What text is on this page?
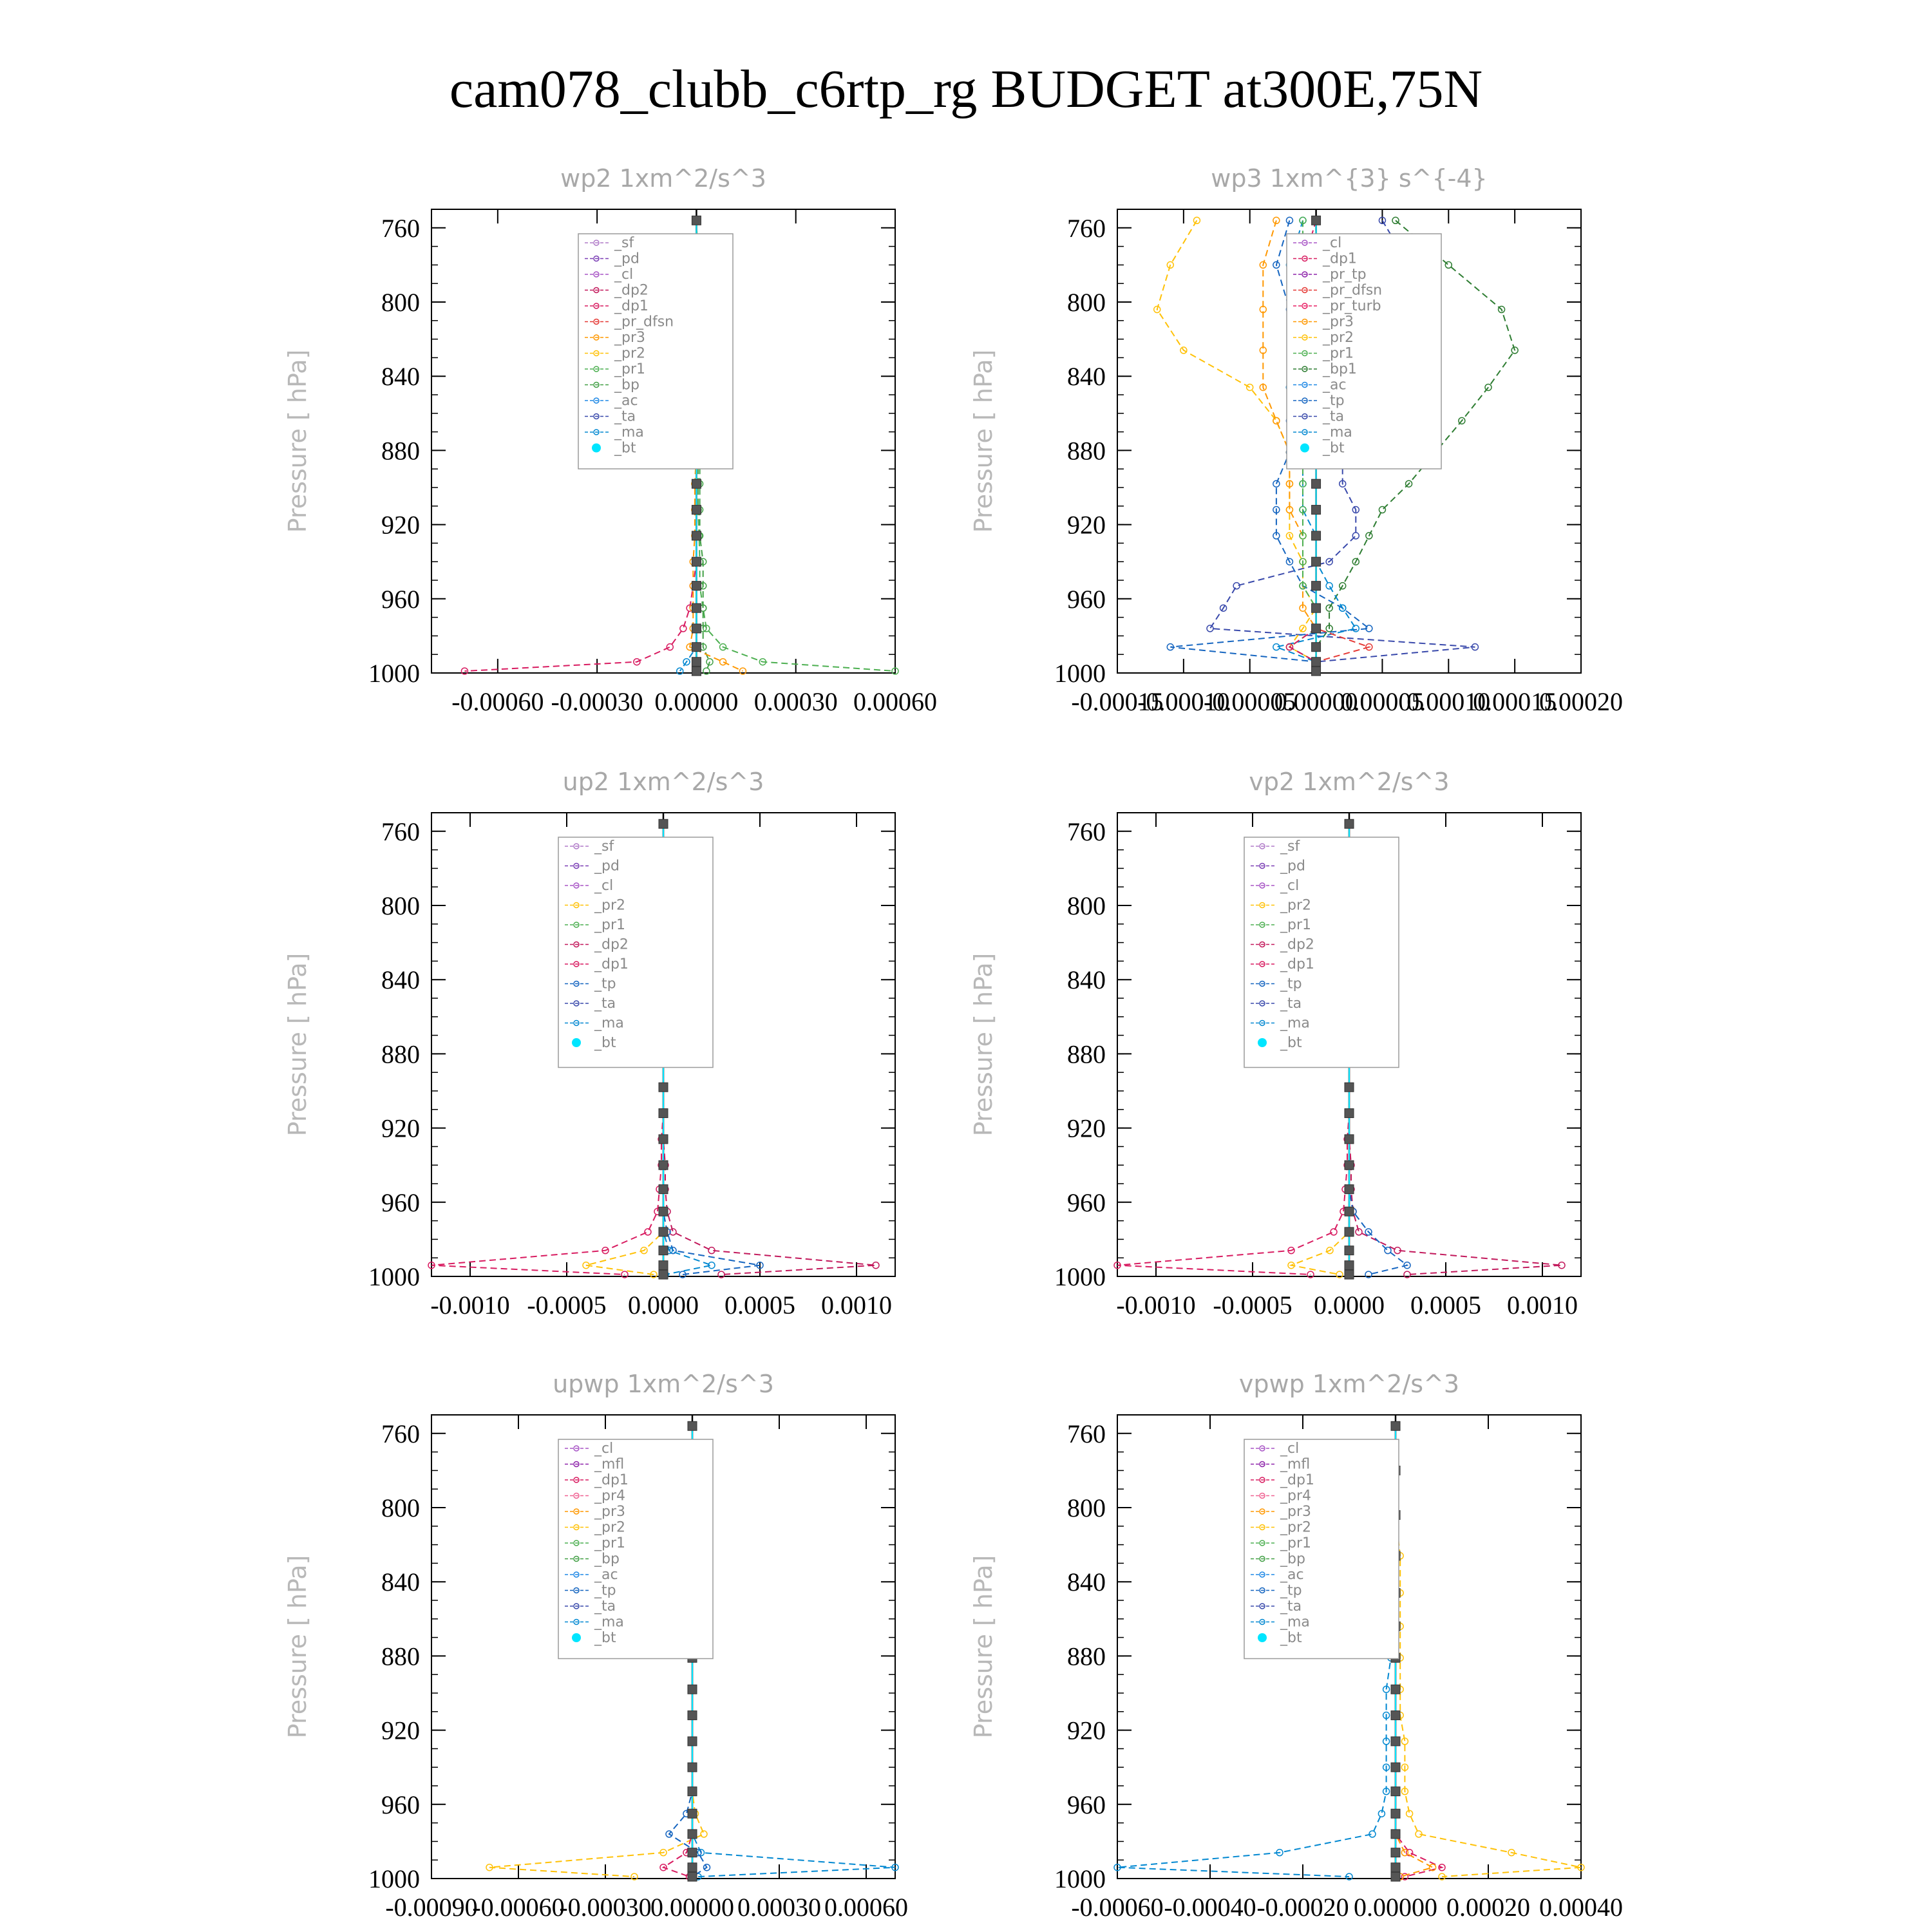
cam078_clubb_c6rtp_rg BUDGET at300E,75N
wp2 1xm^2/s^3
Pressure [ hPa]
760
800
840
880
920
960
1000
-0.00060 -0.00030 0.00000 0.00030 0.00060
_sf
_pd
_cl
_dp2
_dp1
_pr_dfsn
_pr3
_pr2
_pr1
_bp
_ac
_ta
_ma
_bt
wp3 1xm^{3} s^{-4}
Pressure [ hPa]
760
800
840
880
920
960
1000
-0.00015
-0.00010
-0.00005
0.00000
0.00005
0.00010
0.00015
0.00020
_cl
_dp1
_pr_tp
_pr_dfsn
_pr_turb
_pr3
_pr2
_pr1
_bp1
_ac
_tp
_ta
_ma
_bt
up2 1xm^2/s^3
Pressure [ hPa]
760
800
840
880
920
960
1000
-0.0010 -0.0005 0.0000 0.0005 0.0010
_sf
_pd
_cl
_pr2
_pr1
_dp2
_dp1
_tp
_ta
_ma
_bt
vp2 1xm^2/s^3
Pressure [ hPa]
760
800
840
880
920
960
1000
-0.0010 -0.0005 0.0000 0.0005 0.0010
_sf
_pd
_cl
_pr2
_pr1
_dp2
_dp1
_tp
_ta
_ma
_bt
upwp 1xm^2/s^3
Pressure [ hPa]
760
800
840
880
920
960
1000
-0.00090
-0.00060
-0.00030
0.00000 0.00030 0.00060
_cl
_mfl
_dp1
_pr4
_pr3
_pr2
_pr1
_bp
_ac
_tp
_ta
_ma
_bt
vpwp 1xm^2/s^3
Pressure [ hPa]
760
800
840
880
920
960
1000
-0.00060 -0.00040 -0.00020 0.00000 0.00020 0.00040
_cl
_mfl
_dp1
_pr4
_pr3
_pr2
_pr1
_bp
_ac
_tp
_ta
_ma
_bt
